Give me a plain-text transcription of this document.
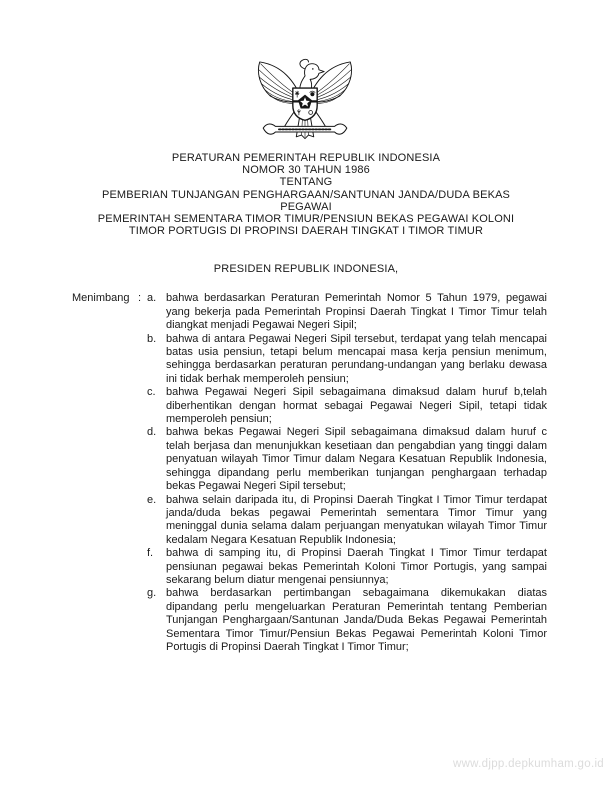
PERATURAN PEMERINTAH REPUBLIK INDONESIA
NOMOR 30 TAHUN 1986
TENTANG
PEMBERIAN TUNJANGAN PENGHARGAAN/SANTUNAN JANDA/DUDA BEKAS
PEGAWAI
PEMERINTAH SEMENTARA TIMOR TIMUR/PENSIUN BEKAS PEGAWAI KOLONI
TIMOR PORTUGIS DI PROPINSI DAERAH TINGKAT I TIMOR TIMUR
PRESIDEN REPUBLIK INDONESIA,
Menimbang : a. bahwa berdasarkan Peraturan Pemerintah Nomor 5 Tahun 1979, pegawai yang bekerja pada Pemerintah Propinsi Daerah Tingkat I Timor Timur telah diangkat menjadi Pegawai Negeri Sipil;
b. bahwa di antara Pegawai Negeri Sipil tersebut, terdapat yang telah mencapai batas usia pensiun, tetapi belum mencapai masa kerja pensiun menimum, sehingga berdasarkan peraturan perundang-undangan yang berlaku dewasa ini tidak berhak memperoleh pensiun;
c. bahwa Pegawai Negeri Sipil sebagaimana dimaksud dalam huruf b,telah diberhentikan dengan hormat sebagai Pegawai Negeri Sipil, tetapi tidak memperoleh pensiun;
d. bahwa bekas Pegawai Negeri Sipil sebagaimana dimaksud dalam huruf c telah berjasa dan menunjukkan kesetiaan dan pengabdian yang tinggi dalam penyatuan wilayah Timor Timur dalam Negara Kesatuan Republik Indonesia, sehingga dipandang perlu memberikan tunjangan penghargaan terhadap bekas Pegawai Negeri Sipil tersebut;
e. bahwa selain daripada itu, di Propinsi Daerah Tingkat I Timor Timur terdapat janda/duda bekas pegawai Pemerintah sementara Timor Timur yang meninggal dunia selama dalam perjuangan menyatukan wilayah Timor Timur kedalam Negara Kesatuan Republik Indonesia;
f.	bahwa di samping itu, di Propinsi Daerah Tingkat I Timor Timur terdapat pensiunan pegawai bekas Pemerintah Koloni Timor Portugis, yang sampai sekarang belum diatur mengenai pensiunnya;
g. bahwa berdasarkan pertimbangan sebagaimana dikemukakan diatas dipandang perlu mengeluarkan Peraturan Pemerintah tentang Pemberian Tunjangan Penghargaan/Santunan Janda/Duda Bekas Pegawai Pemerintah Sementara Timor Timur/Pensiun Bekas Pegawai Pemerintah Koloni Timor Portugis di Propinsi Daerah Tingkat I Timor Timur;
www.djpp.depkumham.go.id
